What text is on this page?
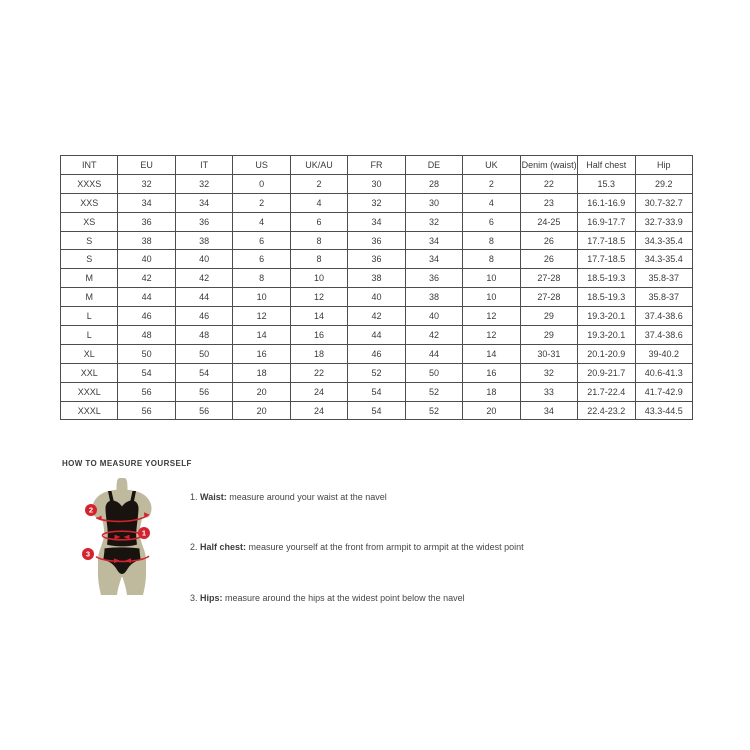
INT	EU	IT	US	UK/AU	FR	DE	UK	Denim (waist)	Half chest	Hip
XXXS	32	32	0	2	30	28	2	22	15.3	29.2
XXS	34	34	2	4	32	30	4	23	16.1-16.9	30.7-32.7
XS	36	36	4	6	34	32	6	24-25	16.9-17.7	32.7-33.9
S	38	38	6	8	36	34	8	26	17.7-18.5	34.3-35.4
S	40	40	6	8	36	34	8	26	17.7-18.5	34.3-35.4
M	42	42	8	10	38	36	10	27-28	18.5-19.3	35.8-37
M	44	44	10	12	40	38	10	27-28	18.5-19.3	35.8-37
L	46	46	12	14	42	40	12	29	19.3-20.1	37.4-38.6
L	48	48	14	16	44	42	12	29	19.3-20.1	37.4-38.6
XL	50	50	16	18	46	44	14	30-31	20.1-20.9	39-40.2
XXL	54	54	18	22	52	50	16	32	20.9-21.7	40.6-41.3
XXXL	56	56	20	24	54	52	18	33	21.7-22.4	41.7-42.9
XXXL	56	56	20	24	54	52	20	34	22.4-23.2	43.3-44.5
HOW TO MEASURE YOURSELF
2
1
3

1. Waist: measure around your waist at the navel

2. Half chest: measure yourself at the front from armpit to armpit at the widest point

3. Hips: measure around the hips at the widest point below the navel
